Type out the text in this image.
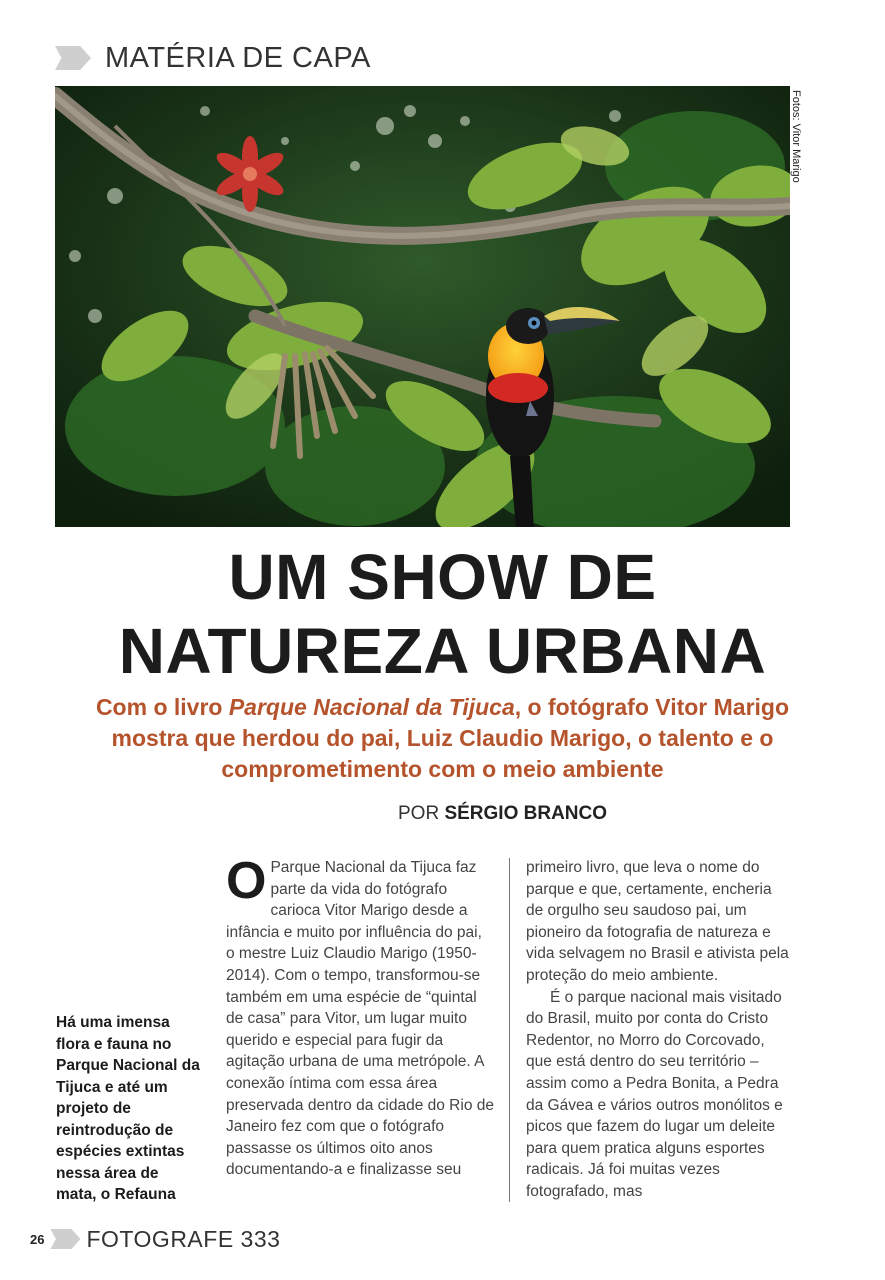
MATÉRIA DE CAPA
Fotos: Vitor Marigo
UM SHOW DE
NATUREZA URBANA
Com o livro Parque Nacional da Tijuca, o fotógrafo Vitor Marigo mostra que herdou do pai, Luiz Claudio Marigo, o talento e o comprometimento com o meio ambiente
POR SÉRGIO BRANCO
Há uma imensa flora e fauna no Parque Nacional da Tijuca e até um projeto de reintrodução de espécies extintas nessa área de mata, o Refauna
O Parque Nacional da Tijuca faz parte da vida do fotógrafo carioca Vitor Marigo desde a infância e muito por influência do pai, o mestre Luiz Claudio Marigo (1950-2014). Com o tempo, transformou-se também em uma espécie de “quintal de casa” para Vitor, um lugar muito querido e especial para fugir da agitação urbana de uma metrópole. A conexão íntima com essa área preservada dentro da cidade do Rio de Janeiro fez com que o fotógrafo passasse os últimos oito anos documentando-a e finalizasse seu

primeiro livro, que leva o nome do parque e que, certamente, encheria de orgulho seu saudoso pai, um pioneiro da fotografia de natureza e vida selvagem no Brasil e ativista pela proteção do meio ambiente.

É o parque nacional mais visitado do Brasil, muito por conta do Cristo Redentor, no Morro do Corcovado, que está dentro do seu território – assim como a Pedra Bonita, a Pedra da Gávea e vários outros monólitos e picos que fazem do lugar um deleite para quem pratica alguns esportes radicais. Já foi muitas vezes fotografado, mas

26 FOTOGRAFE 333
